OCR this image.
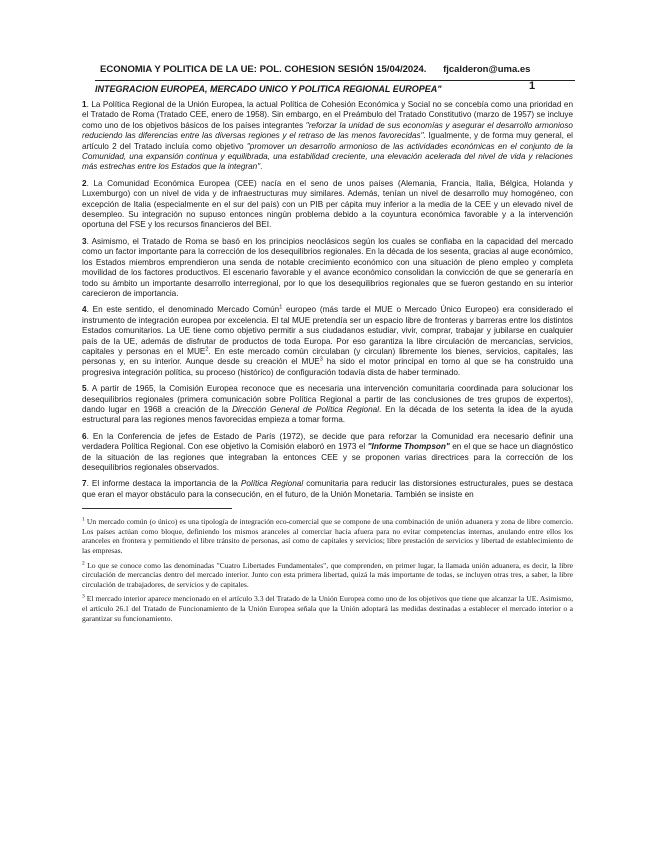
ECONOMIA Y POLITICA DE LA UE: POL. COHESION SESIÓN 15/04/2024. fjcalderon@uma.es
INTEGRACION EUROPEA, MERCADO UNICO Y POLITICA REGIONAL EUROPEA"	1

1. La Política Regional de la Unión Europea, la actual Política de Cohesión Económica y Social no se concebía como una prioridad en el Tratado de Roma (Tratado CEE, enero de 1958). Sin embargo, en el Preámbulo del Tratado Constitutivo (marzo de 1957) se incluye como uno de los objetivos básicos de los países integrantes "reforzar la unidad de sus economías y asegurar el desarrollo armonioso reduciendo las diferencias entre las diversas regiones y el retraso de las menos favorecidas". Igualmente, y de forma muy general, el artículo 2 del Tratado incluía como objetivo "promover un desarrollo armonioso de las actividades económicas en el conjunto de la Comunidad, una expansión continua y equilibrada, una estabilidad creciente, una elevación acelerada del nivel de vida y relaciones más estrechas entre los Estados que la integran".

2. La Comunidad Económica Europea (CEE) nacía en el seno de unos países (Alemania, Francia, Italia, Bélgica, Holanda y Luxemburgo) con un nivel de vida y de infraestructuras muy similares. Además, tenían un nivel de desarrollo muy homogéneo, con excepción de Italia (especialmente en el sur del país) con un PIB per cápita muy inferior a la media de la CEE y un elevado nivel de desempleo. Su integración no supuso entonces ningún problema debido a la coyuntura económica favorable y a la intervención oportuna del FSE y los recursos financieros del BEI.

3. Asimismo, el Tratado de Roma se basó en los principios neoclásicos según los cuales se confiaba en la capacidad del mercado como un factor importante para la corrección de los desequilibrios regionales. En la década de los sesenta, gracias al auge económico, los Estados miembros emprendieron una senda de notable crecimiento económico con una situación de pleno empleo y completa movilidad de los factores productivos. El escenario favorable y el avance económico consolidan la convicción de que se generaría en todo su ámbito un importante desarrollo interregional, por lo que los desequilibrios regionales que se fueron gestando en su interior carecieron de importancia.

4. En este sentido, el denominado Mercado Común$^1$ europeo (más tarde el MUE o Mercado Único Europeo) era considerado el instrumento de integración europea por excelencia. El tal MUE pretendía ser un espacio libre de fronteras y barreras entre los distintos Estados comunitarios. La UE tiene como objetivo permitir a sus ciudadanos estudiar, vivir, comprar, trabajar y jubilarse en cualquier país de la UE, además de disfrutar de productos de toda Europa. Por eso garantiza la libre circulación de mercancías, servicios, capitales y personas en el MUE$^2$. En este mercado común circulaban (y circulan) libremente los bienes, servicios, capitales, las personas y, en su interior. Aunque desde su creación el MUE$^3$ ha sido el motor principal en torno al que se ha construido una progresiva integración política, su proceso (histórico) de configuración todavía dista de haber terminado.

5. A partir de 1965, la Comisión Europea reconoce que es necesaria una intervención comunitaria coordinada para solucionar los desequilibrios regionales (primera comunicación sobre Política Regional a partir de las conclusiones de tres grupos de expertos), dando lugar en 1968 a creación de la Dirección General de Política Regional. En la década de los setenta la idea de la ayuda estructural para las regiones menos favorecidas empieza a tomar forma.

6. En la Conferencia de jefes de Estado de París (1972), se decide que para reforzar la Comunidad era necesario definir una verdadera Política Regional. Con ese objetivo la Comisión elaboró en 1973 el "Informe Thompson" en el que se hace un diagnóstico de la situación de las regiones que integraban la entonces CEE y se proponen varias directrices para la corrección de los desequilibrios regionales observados.

7. El informe destaca la importancia de la Política Regional comunitaria para reducir las distorsiones estructurales, pues se destaca que eran el mayor obstáculo para la consecución, en el futuro, de la Unión Monetaria. También se insiste en

$^1$ Un mercado común (o único) es una tipología de integración eco-comercial que se compone de una combinación de unión aduanera y zona de libre comercio. Los países actúan como bloque, definiendo los mismos aranceles al comerciar hacia afuera para no evitar competencias internas, anulando entre ellos los aranceles en frontera y permitiendo el libre tránsito de personas, así como de capitales y servicios; libre prestación de servicios y libertad de establecimiento de las empresas.

$^2$ Lo que se conoce como las denominadas "Cuatro Libertades Fundamentales", que comprenden, en primer lugar, la llamada unión aduanera, es decir, la libre circulación de mercancías dentro del mercado interior. Junto con esta primera libertad, quizá la más importante de todas, se incluyen otras tres, a saber, la libre circulación de trabajadores, de servicios y de capitales.

$^3$ El mercado interior aparece mencionado en el artículo 3.3 del Tratado de la Unión Europea como uno de los objetivos que tiene que alcanzar la UE. Asimismo, el artículo 26.1 del Tratado de Funcionamiento de la Unión Europea señala que la Unión adoptará las medidas destinadas a establecer el mercado interior o a garantizar su funcionamiento.
